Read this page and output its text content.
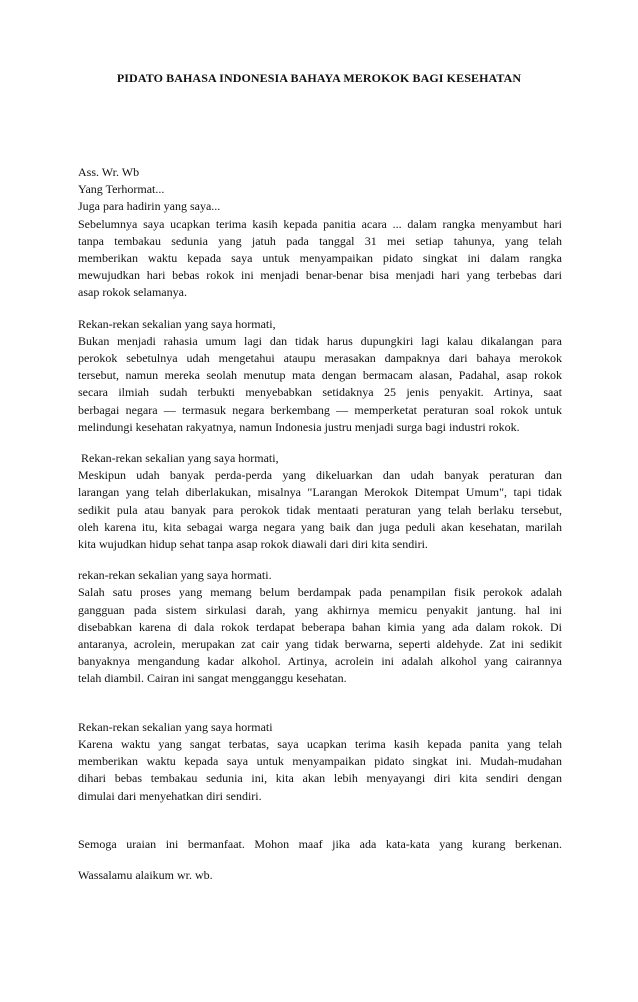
PIDATO BAHASA INDONESIA BAHAYA MEROKOK BAGI KESEHATAN
Ass. Wr. Wb
Yang Terhormat...
Juga para hadirin yang saya...
Sebelumnya saya ucapkan terima kasih kepada panitia acara ... dalam rangka menyambut hari
tanpa tembakau sedunia yang jatuh pada tanggal 31 mei setiap tahunya, yang telah
memberikan waktu kepada saya untuk menyampaikan pidato singkat ini dalam rangka
mewujudkan hari bebas rokok ini menjadi benar-benar bisa menjadi hari yang terbebas dari
asap rokok selamanya.
Rekan-rekan sekalian yang saya hormati,
Bukan menjadi rahasia umum lagi dan tidak harus dupungkiri lagi kalau dikalangan para
perokok sebetulnya udah mengetahui ataupu merasakan dampaknya dari bahaya merokok
tersebut, namun mereka seolah menutup mata dengan bermacam alasan, Padahal, asap rokok
secara ilmiah sudah terbukti menyebabkan setidaknya 25 jenis penyakit. Artinya, saat
berbagai negara — termasuk negara berkembang — memperketat peraturan soal rokok untuk
melindungi kesehatan rakyatnya, namun Indonesia justru menjadi surga bagi industri rokok.
Rekan-rekan sekalian yang saya hormati,
Meskipun udah banyak perda-perda yang dikeluarkan dan udah banyak peraturan dan
larangan yang telah diberlakukan, misalnya "Larangan Merokok Ditempat Umum", tapi tidak
sedikit pula atau banyak para perokok tidak mentaati peraturan yang telah berlaku tersebut,
oleh karena itu, kita sebagai warga negara yang baik dan juga peduli akan kesehatan, marilah
kita wujudkan hidup sehat tanpa asap rokok diawali dari diri kita sendiri.
rekan-rekan sekalian yang saya hormati.
Salah satu proses yang memang belum berdampak pada penampilan fisik perokok adalah
gangguan pada sistem sirkulasi darah, yang akhirnya memicu penyakit jantung. hal ini
disebabkan karena di dala rokok terdapat beberapa bahan kimia yang ada dalam rokok. Di
antaranya, acrolein, merupakan zat cair yang tidak berwarna, seperti aldehyde. Zat ini sedikit
banyaknya mengandung kadar alkohol. Artinya, acrolein ini adalah alkohol yang cairannya
telah diambil. Cairan ini sangat mengganggu kesehatan.
Rekan-rekan sekalian yang saya hormati
Karena waktu yang sangat terbatas, saya ucapkan terima kasih kepada panita yang telah
memberikan waktu kepada saya untuk menyampaikan pidato singkat ini. Mudah-mudahan
dihari bebas tembakau sedunia ini, kita akan lebih menyayangi diri kita sendiri dengan
dimulai dari menyehatkan diri sendiri.
Semoga uraian ini bermanfaat. Mohon maaf jika ada kata-kata yang kurang berkenan.
Wassalamu alaikum wr. wb.
